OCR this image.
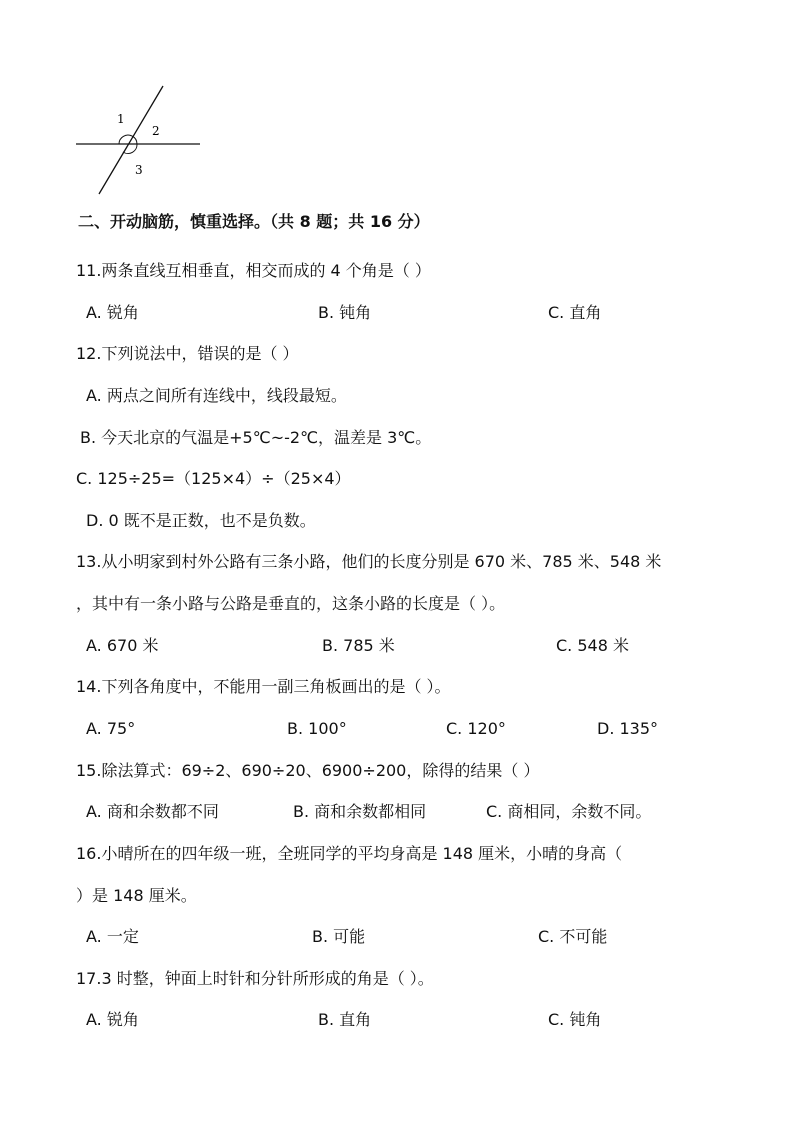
1
2
3
二、开动脑筋，慎重选择。（共 8 题；共 16 分）
11.两条直线互相垂直，相交而成的 4 个角是（ ）
A. 锐角	B. 钝角	C. 直角
12.下列说法中，错误的是（ ）
A. 两点之间所有连线中，线段最短。
B. 今天北京的气温是+5℃~-2℃，温差是 3℃。
C. 125÷25=（125×4）÷（25×4）
D. 0 既不是正数，也不是负数。
13.从小明家到村外公路有三条小路，他们的长度分别是 670 米、785 米、548 米
，其中有一条小路与公路是垂直的，这条小路的长度是（ ）。
A. 670 米	B. 785 米	C. 548 米
14.下列各角度中，不能用一副三角板画出的是（ ）。
A. 75°	B. 100°	C. 120°	D. 135°
15.除法算式：69÷2、690÷20、6900÷200，除得的结果（ ）
A. 商和余数都不同	B. 商和余数都相同	C. 商相同，余数不同。
16.小晴所在的四年级一班，全班同学的平均身高是 148 厘米，小晴的身高（
）是 148 厘米。
A. 一定	B. 可能	C. 不可能
17.3 时整，钟面上时针和分针所形成的角是（ ）。
A. 锐角	B. 直角	C. 钝角
